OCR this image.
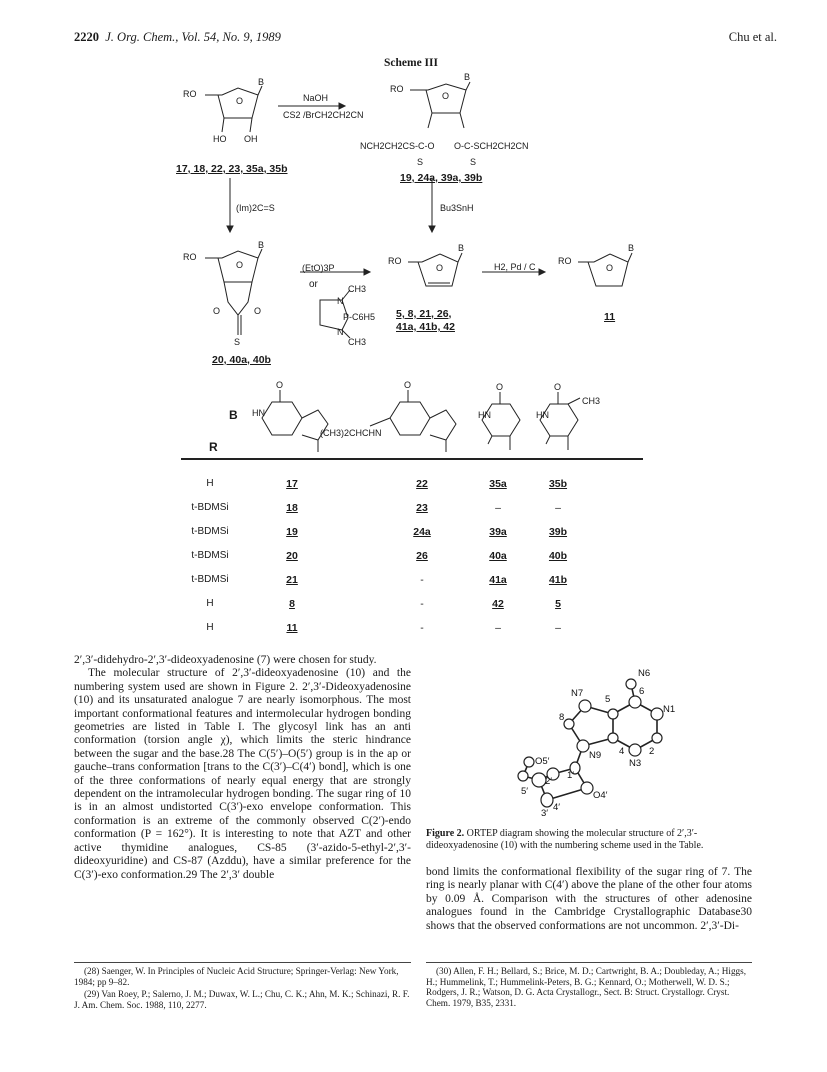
2220 J. Org. Chem., Vol. 54, No. 9, 1989	Chu et al.
Scheme III
RO
O
B
HO OH
17, 18, 22, 23, 35a, 35b
NaOH
CS2 /BrCH2CH2CN
RO
O
B
NCH2CH2CS-C-O O-C-SCH2CH2CN
S	S
19, 24a, 39a, 39b
(Im)2C=S	Bu3SnH
RO
O
B
O	O
S
20, 40a, 40b
(EtO)3P
or	CH3
N
P-C6H5
N
CH3
RO
O
B
5, 8, 21, 26,
41a, 41b, 42
H2, Pd / C
RO
O
B
11
B
R
O
HN
O
(CH3)2CHCHN
O
HN
O
CH3
HN
H	17	22	35a	35b
t-BDMSi	18	23	–	–
t-BDMSi	19	24a	39a	39b
t-BDMSi	20	26	40a	40b
t-BDMSi	21	-	41a	41b
H	8	-	42	5
H	11	-	–	–

2′,3′-didehydro-2′,3′-dideoxyadenosine (7) were chosen for study.

The molecular structure of 2′,3′-dideoxyadenosine (10) and the numbering system used are shown in Figure 2. 2′,3′-Dideoxyadenosine (10) and its unsaturated analogue 7 are nearly isomorphous. The most important conformational features and intermolecular hydrogen bonding geometries are listed in Table I. The glycosyl link has an anti conformation (torsion angle χ), which limits the steric hindrance between the sugar and the base.28 The C(5′)–O(5′) group is in the ap or gauche–trans conformation [trans to the C(3′)–C(4′) bond], which is one of the three conformations of nearly equal energy that are strongly dependent on the intramolecular hydrogen bonding. The sugar ring of 10 is in an almost undistorted C(3′)-exo envelope conformation. This conformation is an extreme of the commonly observed C(2′)-endo conformation (P = 162°). It is interesting to note that AZT and other active thymidine analogues, CS-85 (3′-azido-5-ethyl-2′,3′-dideoxyuridine) and CS-87 (Azddu), have a similar preference for the C(3′)-exo conformation.29 The 2′,3′ double

N6
N1
N7
5
6
8
N9 4	2
N3
O5′
1′
2′
5′	O4′
4′
3′
Figure 2. ORTEP diagram showing the molecular structure of 2′,3′-dideoxyadenosine (10) with the numbering scheme used in the Table.

bond limits the conformational flexibility of the sugar ring of 7. The ring is nearly planar with C(4′) above the plane of the other four atoms by 0.09 Å. Comparison with the structures of other adenosine analogues found in the Cambridge Crystallographic Database30 shows that the observed conformations are not uncommon. 2′,3′-Di-

(28) Saenger, W. In Principles of Nucleic Acid Structure; Springer-Verlag: New York, 1984; pp 9–82.

(29) Van Roey, P.; Salerno, J. M.; Duwax, W. L.; Chu, C. K.; Ahn, M. K.; Schinazi, R. F. J. Am. Chem. Soc. 1988, 110, 2277.

(30) Allen, F. H.; Bellard, S.; Brice, M. D.; Cartwright, B. A.; Doubleday, A.; Higgs, H.; Hummelink, T.; Hummelink-Peters, B. G.; Kennard, O.; Motherwell, W. D. S.; Rodgers, J. R.; Watson, D. G. Acta Crystallogr., Sect. B: Struct. Crystallogr. Cryst. Chem. 1979, B35, 2331.
